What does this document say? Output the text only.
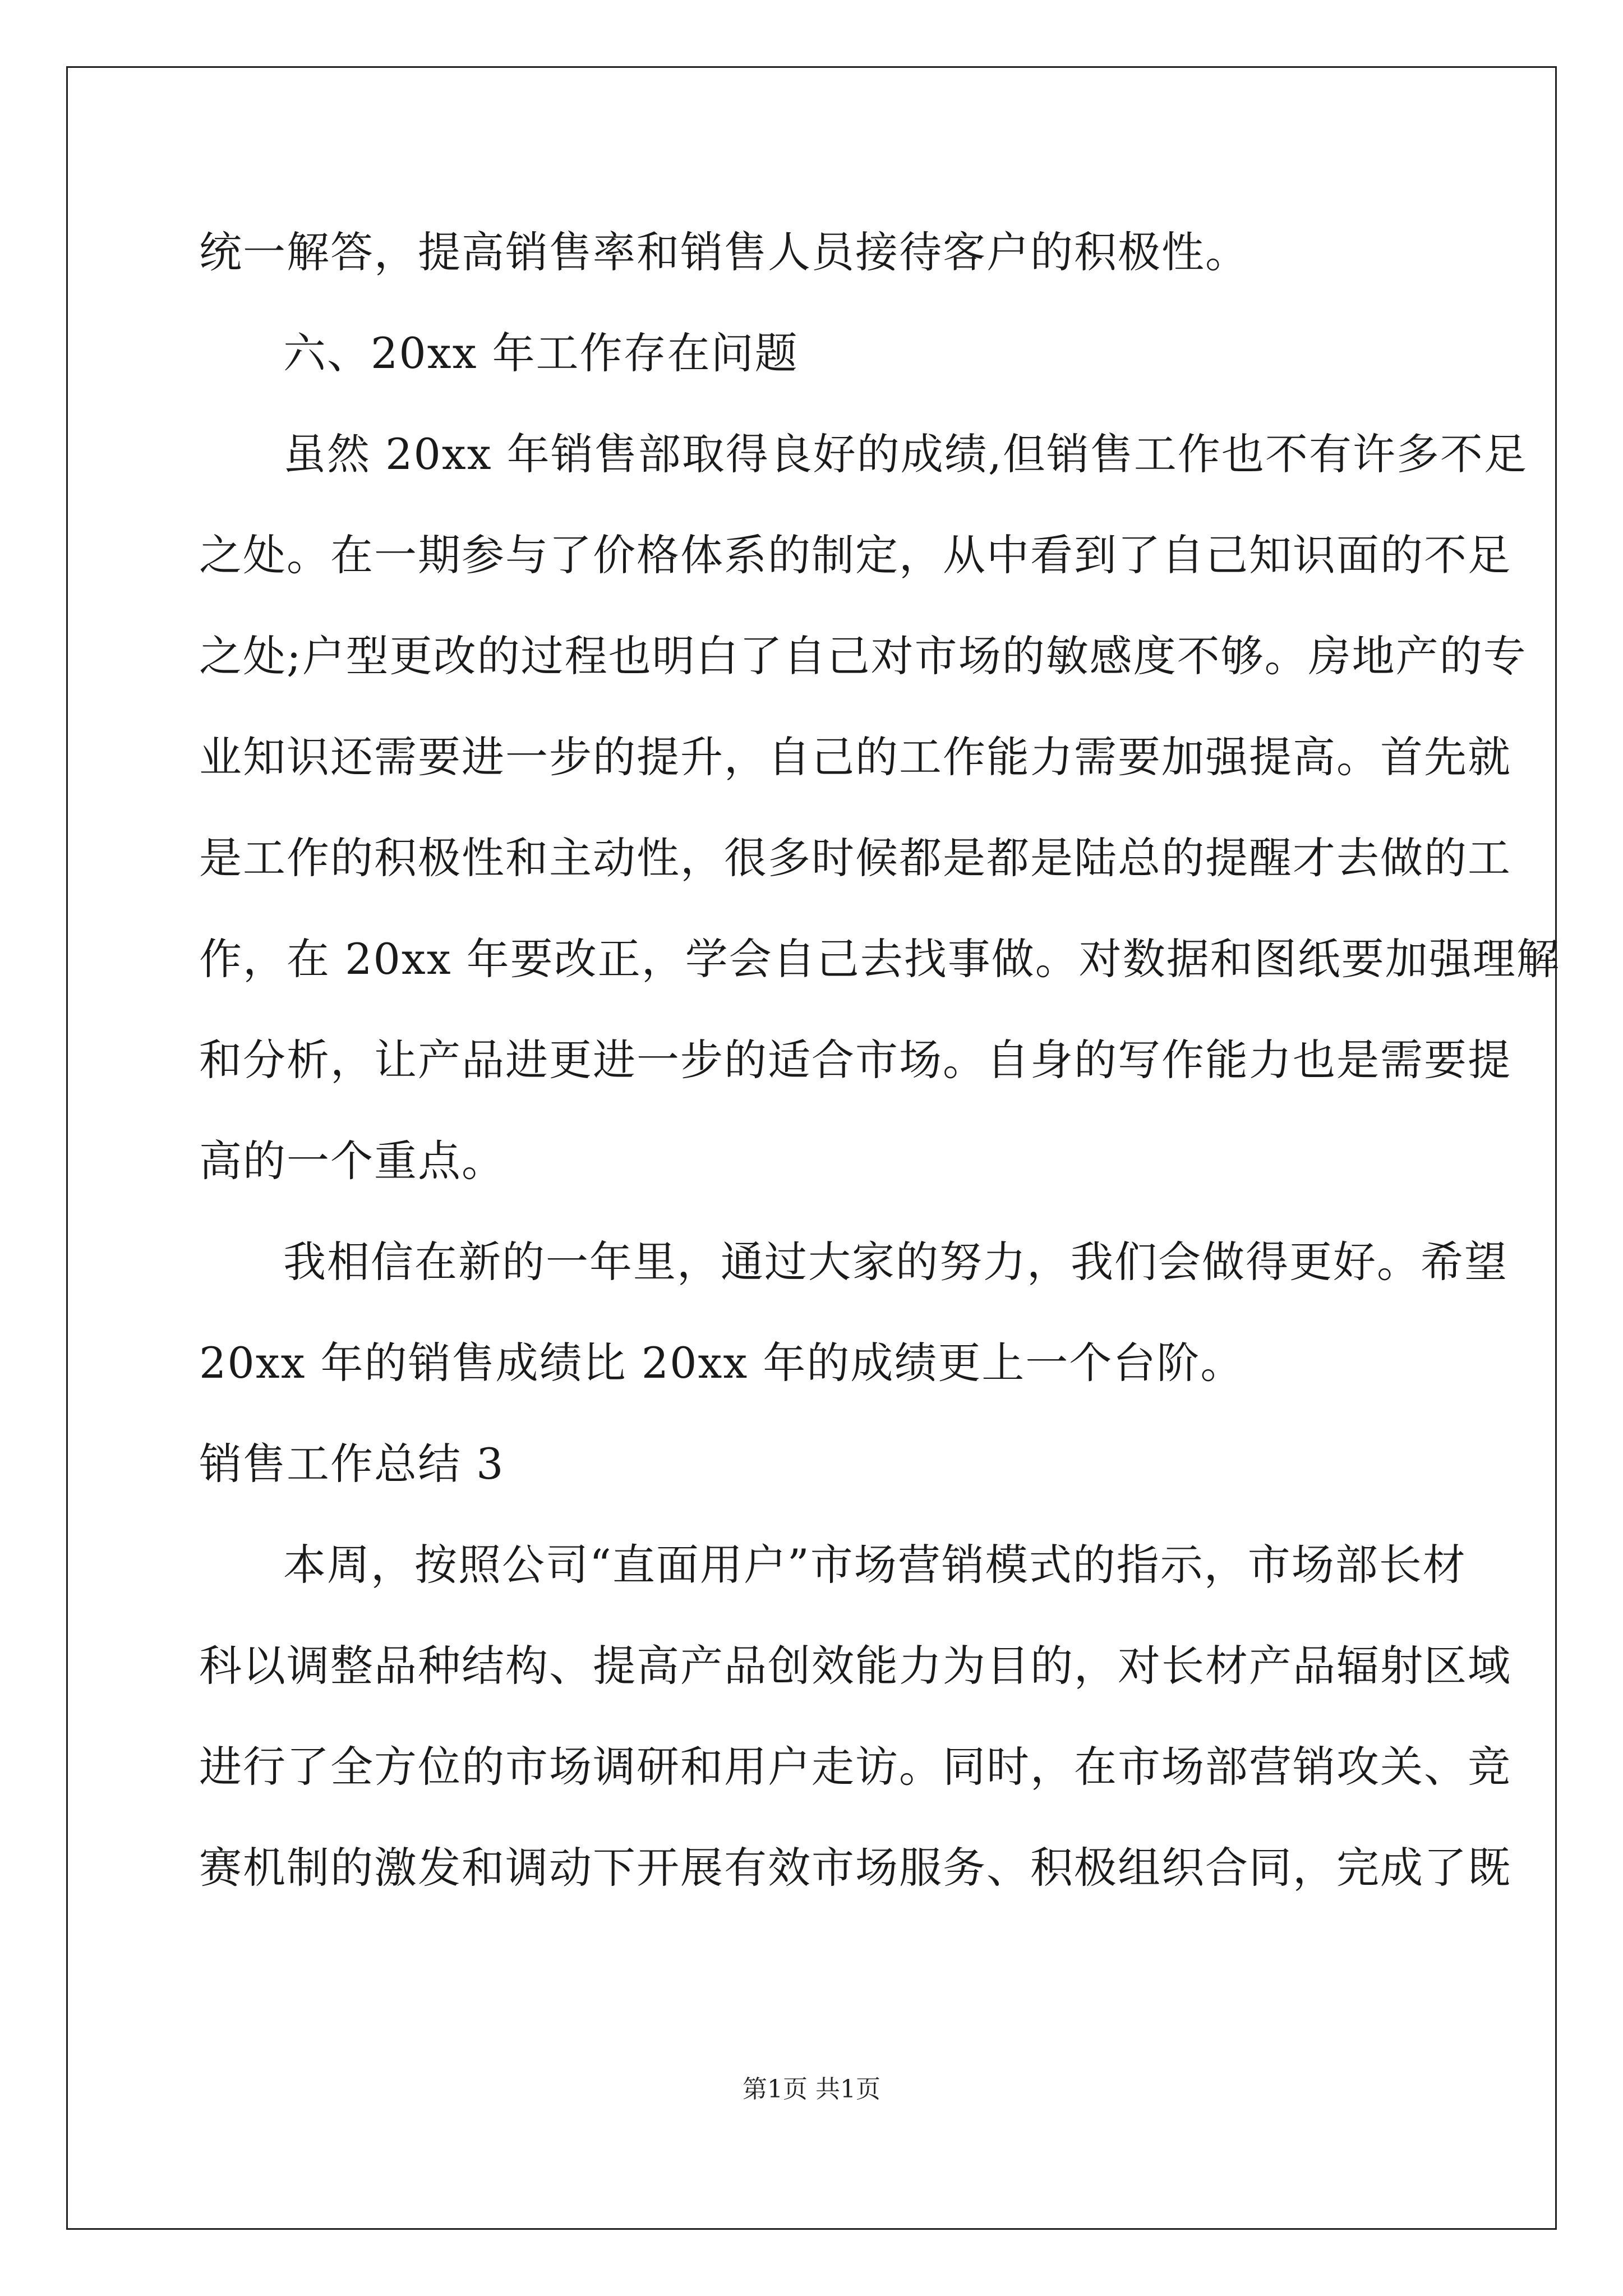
统一解答，提高销售率和销售人员接待客户的积极性。
六、20xx 年工作存在问题
虽然 20xx 年销售部取得良好的成绩,但销售工作也不有许多不足
之处。在一期参与了价格体系的制定，从中看到了自己知识面的不足
之处;户型更改的过程也明白了自己对市场的敏感度不够。房地产的专
业知识还需要进一步的提升，自己的工作能力需要加强提高。首先就
是工作的积极性和主动性，很多时候都是都是陆总的提醒才去做的工
作，在 20xx 年要改正，学会自己去找事做。对数据和图纸要加强理解
和分析，让产品进更进一步的适合市场。自身的写作能力也是需要提
高的一个重点。
我相信在新的一年里，通过大家的努力，我们会做得更好。希望
20xx 年的销售成绩比 20xx 年的成绩更上一个台阶。
销售工作总结 3
本周，按照公司“直面用户”市场营销模式的指示，市场部长材
科以调整品种结构、提高产品创效能力为目的，对长材产品辐射区域
进行了全方位的市场调研和用户走访。同时，在市场部营销攻关、竞
赛机制的激发和调动下开展有效市场服务、积极组织合同，完成了既
第1页 共1页
